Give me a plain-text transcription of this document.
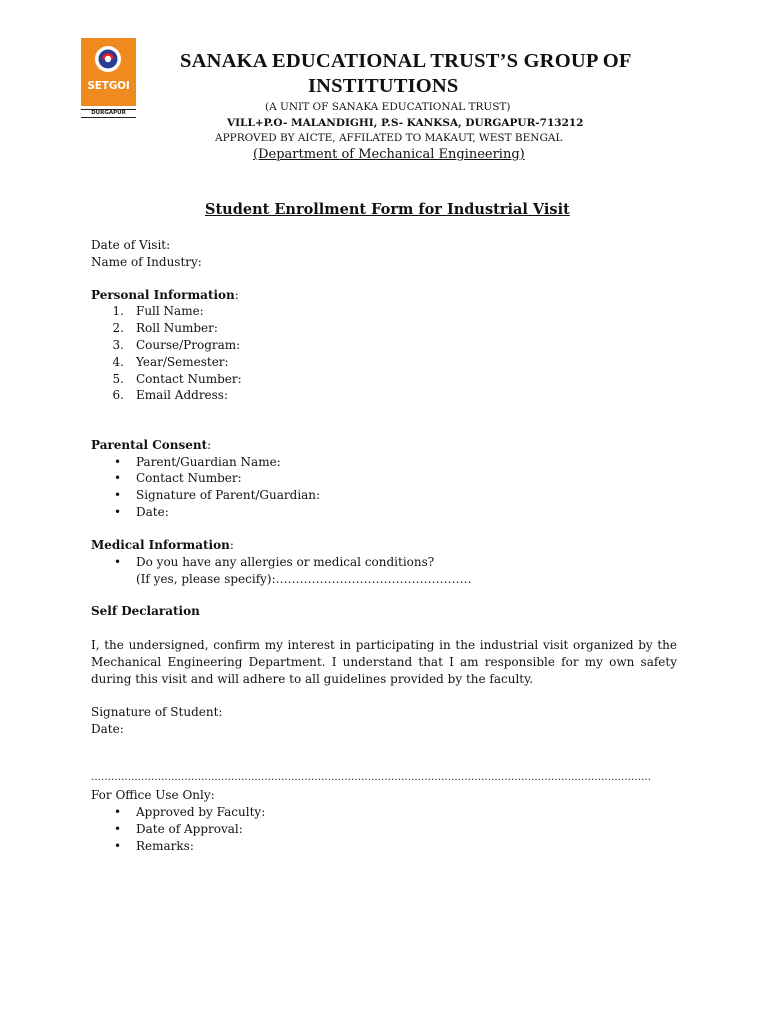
SETGOI
DURGAPUR
SANAKA EDUCATIONAL TRUST’S GROUP OF
INSTITUTIONS
(A UNIT OF SANAKA EDUCATIONAL TRUST)
VILL+P.O- MALANDIGHI, P.S- KANKSA, DURGAPUR-713212
APPROVED BY AICTE, AFFILATED TO MAKAUT, WEST BENGAL
(Department of Mechanical Engineering)
Student Enrollment Form for Industrial Visit
Date of Visit:
Name of Industry:
Personal Information:
1. Full Name:
2. Roll Number:
3. Course/Program:
4. Year/Semester:
5. Contact Number:
6. Email Address:
Parental Consent:
• Parent/Guardian Name:
• Contact Number:
• Signature of Parent/Guardian:
• Date:
Medical Information:
• Do you have any allergies or medical conditions?
(If yes, please specify):………………………………………….
Self Declaration
I, the undersigned, confirm my interest in participating in the industrial visit organized by the Mechanical Engineering Department. I understand that I am responsible for my own safety during this visit and will adhere to all guidelines provided by the faculty.
Signature of Student:
Date:
……………………………………………………………………………………………………………………………………………………
For Office Use Only:
• Approved by Faculty:
• Date of Approval:
• Remarks:
